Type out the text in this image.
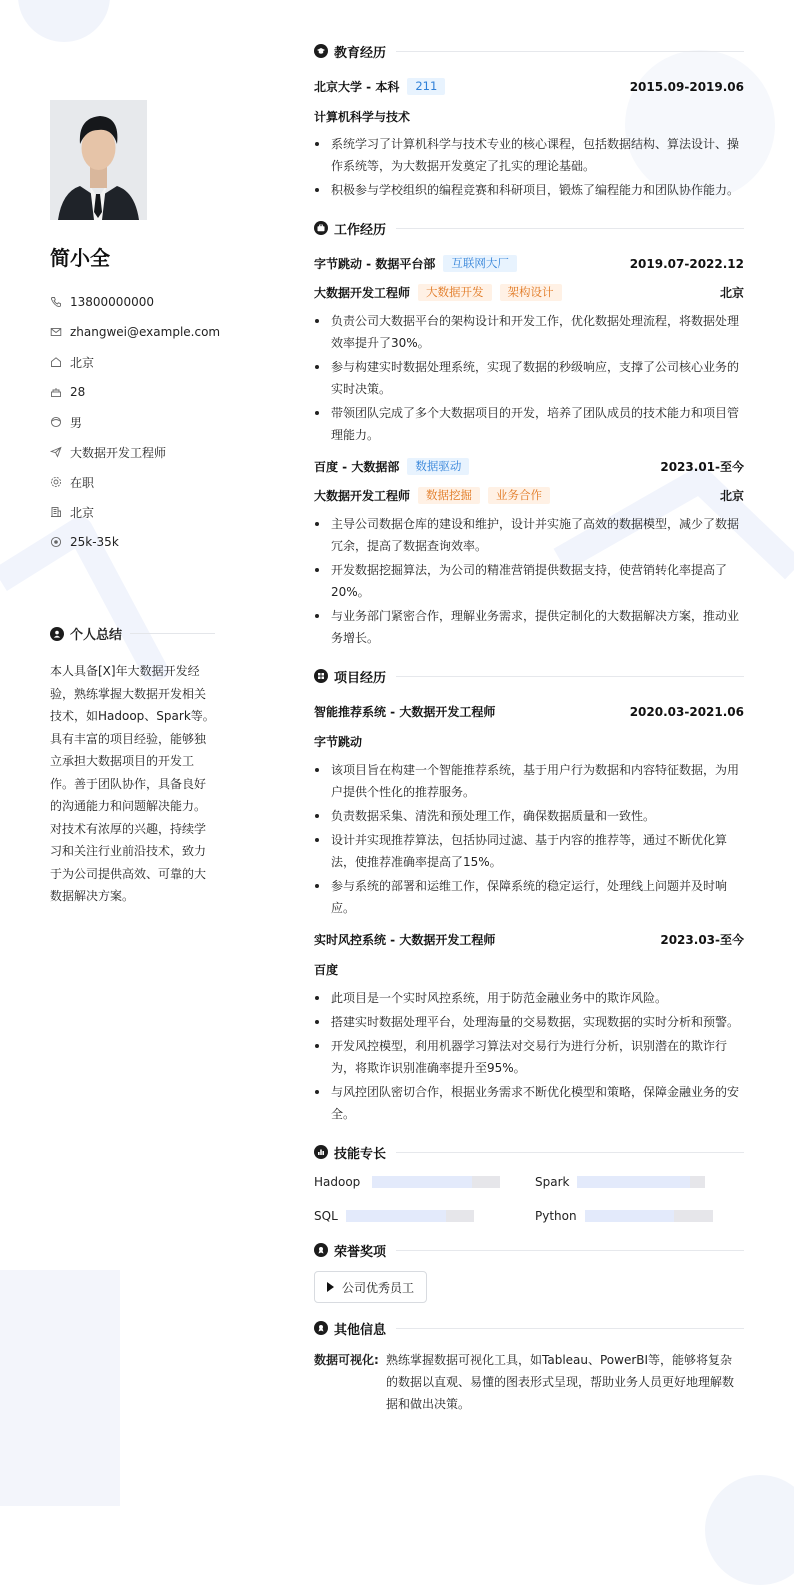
简小全
13800000000
zhangwei@example.com
北京
28
男
大数据开发工程师
在职
北京
25k-35k
个人总结
本人具备[X]年大数据开发经验，熟练掌握大数据开发相关技术，如Hadoop、Spark等。具有丰富的项目经验，能够独立承担大数据项目的开发工作。善于团队协作，具备良好的沟通能力和问题解决能力。对技术有浓厚的兴趣，持续学习和关注行业前沿技术，致力于为公司提供高效、可靠的大数据解决方案。
教育经历
北京大学 - 本科	211	2015.09-2019.06
计算机科学与技术
系统学习了计算机科学与技术专业的核心课程，包括数据结构、算法设计、操作系统等，为大数据开发奠定了扎实的理论基础。
积极参与学校组织的编程竞赛和科研项目，锻炼了编程能力和团队协作能力。
工作经历
字节跳动 - 数据平台部	互联网大厂	2019.07-2022.12
大数据开发工程师	大数据开发	架构设计	北京
负责公司大数据平台的架构设计和开发工作，优化数据处理流程，将数据处理效率提升了30%。
参与构建实时数据处理系统，实现了数据的秒级响应，支撑了公司核心业务的实时决策。
带领团队完成了多个大数据项目的开发，培养了团队成员的技术能力和项目管理能力。
百度 - 大数据部	数据驱动	2023.01-至今
大数据开发工程师	数据挖掘	业务合作	北京
主导公司数据仓库的建设和维护，设计并实施了高效的数据模型，减少了数据冗余，提高了数据查询效率。
开发数据挖掘算法，为公司的精准营销提供数据支持，使营销转化率提高了20%。
与业务部门紧密合作，理解业务需求，提供定制化的大数据解决方案，推动业务增长。
项目经历
智能推荐系统 - 大数据开发工程师	2020.03-2021.06
字节跳动
该项目旨在构建一个智能推荐系统，基于用户行为数据和内容特征数据，为用户提供个性化的推荐服务。
负责数据采集、清洗和预处理工作，确保数据质量和一致性。
设计并实现推荐算法，包括协同过滤、基于内容的推荐等，通过不断优化算法，使推荐准确率提高了15%。
参与系统的部署和运维工作，保障系统的稳定运行，处理线上问题并及时响应。
实时风控系统 - 大数据开发工程师	2023.03-至今
百度
此项目是一个实时风控系统，用于防范金融业务中的欺诈风险。
搭建实时数据处理平台，处理海量的交易数据，实现数据的实时分析和预警。
开发风控模型，利用机器学习算法对交易行为进行分析，识别潜在的欺诈行为，将欺诈识别准确率提升至95%。
与风控团队密切合作，根据业务需求不断优化模型和策略，保障金融业务的安全。
技能专长
Hadoop	Spark
SQL	Python
荣誉奖项
公司优秀员工
其他信息
数据可视化: 熟练掌握数据可视化工具，如Tableau、PowerBI等，能够将复杂的数据以直观、易懂的图表形式呈现，帮助业务人员更好地理解数据和做出决策。
